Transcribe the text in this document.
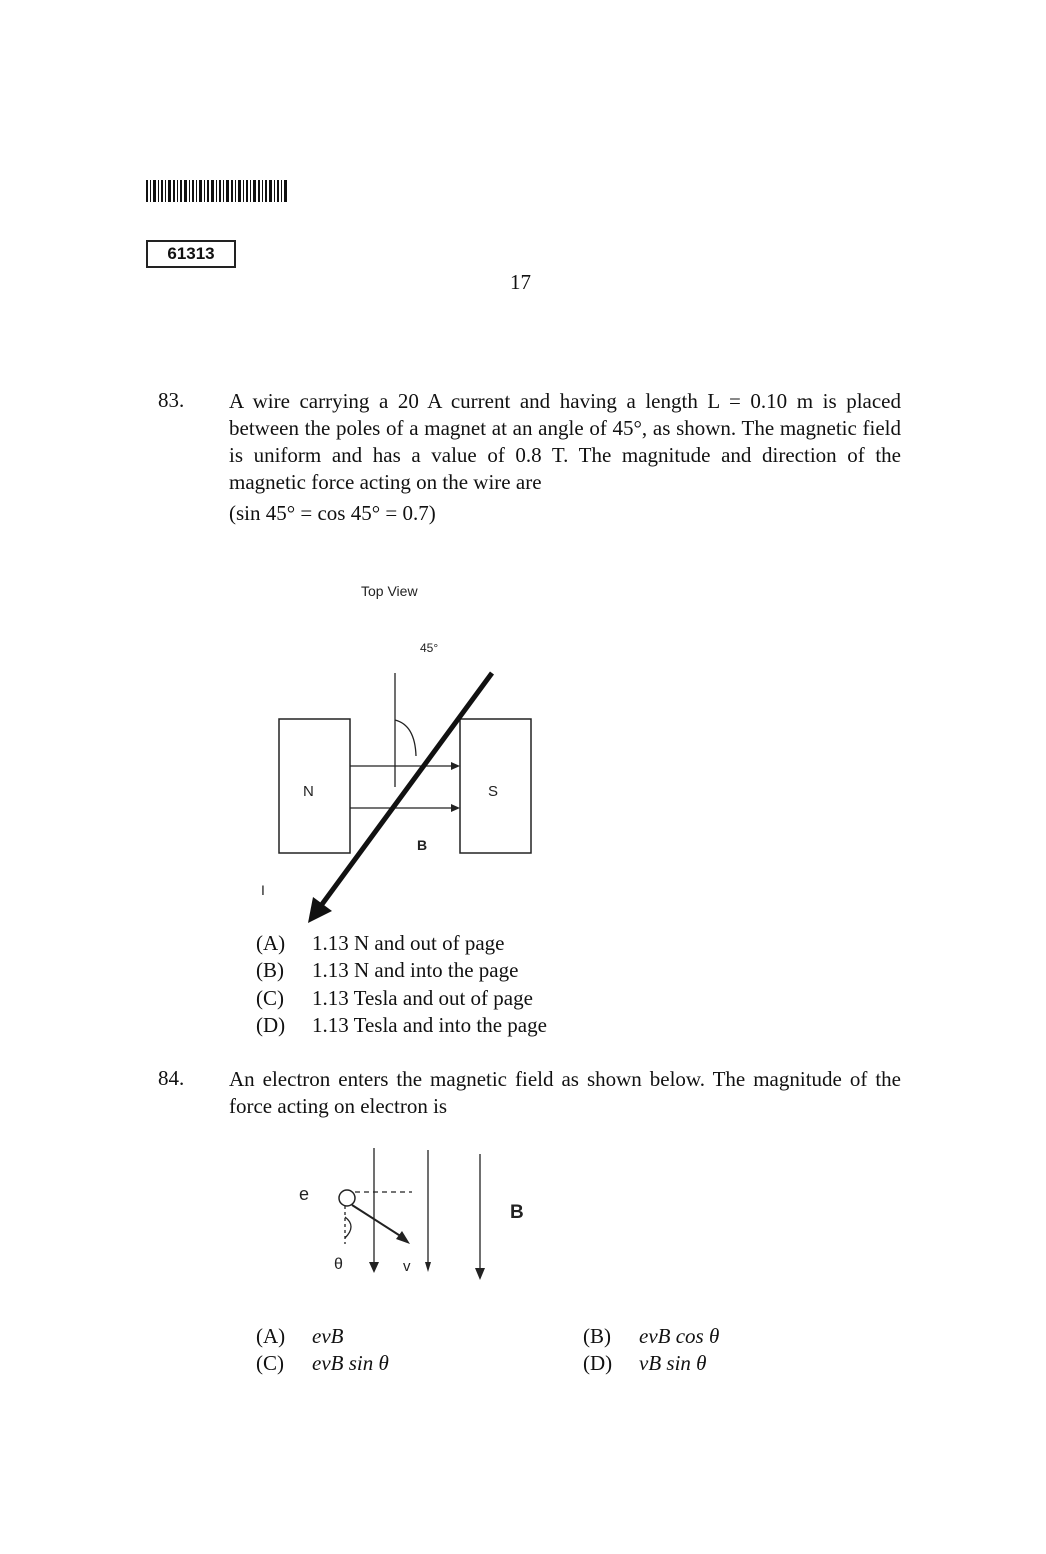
61313
17
83. A wire carrying a 20 A current and having a length L = 0.10 m is placed between the poles of a magnet at an angle of 45°, as shown. The magnetic field is uniform and has a value of 0.8 T. The magnitude and direction of the magnetic force acting on the wire are
(sin 45° = cos 45° = 0.7)
Top View
45°
N	S
B
I
(A)	1.13 N and out of page
(B)	1.13 N and into the page
(C)	1.13 Tesla and out of page
(D)	1.13 Tesla and into the page
84. An electron enters the magnetic field as shown below. The magnitude of the force acting on electron is
e
θ	v
B
(A)	evB	(B)	evB cos θ
(C)	evB sin θ	(D)	vB sin θ
